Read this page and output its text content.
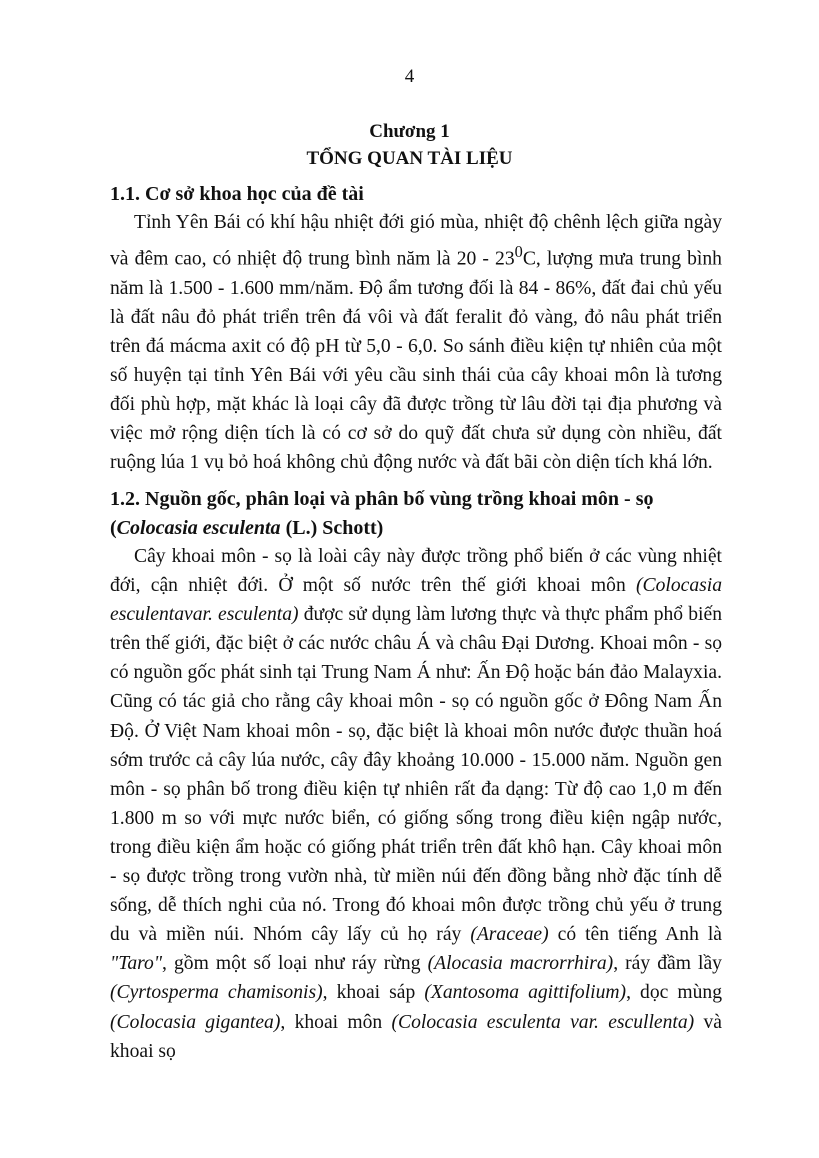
4
Chương 1
TỔNG QUAN TÀI LIỆU
1.1. Cơ sở khoa học của đề tài

Tỉnh Yên Bái có khí hậu nhiệt đới gió mùa, nhiệt độ chênh lệch giữa ngày và đêm cao, có nhiệt độ trung bình năm là $20 - 23^0C$, lượng mưa trung bình năm là 1.500 - 1.600 mm/năm. Độ ẩm tương đối là 84 - 86%, đất đai chủ yếu là đất nâu đỏ phát triển trên đá vôi và đất feralit đỏ vàng, đỏ nâu phát triển trên đá mácma axit có độ pH từ 5,0 - 6,0. So sánh điều kiện tự nhiên của một số huyện tại tỉnh Yên Bái với yêu cầu sinh thái của cây khoai môn là tương đối phù hợp, mặt khác là loại cây đã được trồng từ lâu đời tại địa phương và việc mở rộng diện tích là có cơ sở do quỹ đất chưa sử dụng còn nhiều, đất ruộng lúa 1 vụ bỏ hoá không chủ động nước và đất bãi còn diện tích khá lớn.

1.2. Nguồn gốc, phân loại và phân bố vùng trồng khoai môn - sọ (Colocasia esculenta (L.) Schott)

Cây khoai môn - sọ là loài cây này được trồng phổ biến ở các vùng nhiệt đới, cận nhiệt đới. Ở một số nước trên thế giới khoai môn (Colocasia esculentavar. esculenta) được sử dụng làm lương thực và thực phẩm phổ biến trên thế giới, đặc biệt ở các nước châu Á và châu Đại Dương. Khoai môn - sọ có nguồn gốc phát sinh tại Trung Nam Á như: Ấn Độ hoặc bán đảo Malayxia. Cũng có tác giả cho rằng cây khoai môn - sọ có nguồn gốc ở Đông Nam Ấn Độ. Ở Việt Nam khoai môn - sọ, đặc biệt là khoai môn nước được thuần hoá sớm trước cả cây lúa nước, cây đây khoảng 10.000 - 15.000 năm. Nguồn gen môn - sọ phân bố trong điều kiện tự nhiên rất đa dạng: Từ độ cao 1,0 m đến 1.800 m so với mực nước biển, có giống sống trong điều kiện ngập nước, trong điều kiện ẩm hoặc có giống phát triển trên đất khô hạn. Cây khoai môn - sọ được trồng trong vườn nhà, từ miền núi đến đồng bằng nhờ đặc tính dễ sống, dễ thích nghi của nó. Trong đó khoai môn được trồng chủ yếu ở trung du và miền núi. Nhóm cây lấy củ họ ráy (Araceae) có tên tiếng Anh là "Taro", gồm một số loại như ráy rừng (Alocasia macrorrhira), ráy đầm lầy (Cyrtosperma chamisonis), khoai sáp (Xantosoma agittifolium), dọc mùng (Colocasia gigantea), khoai môn (Colocasia esculenta var. escullenta) và khoai sọ
